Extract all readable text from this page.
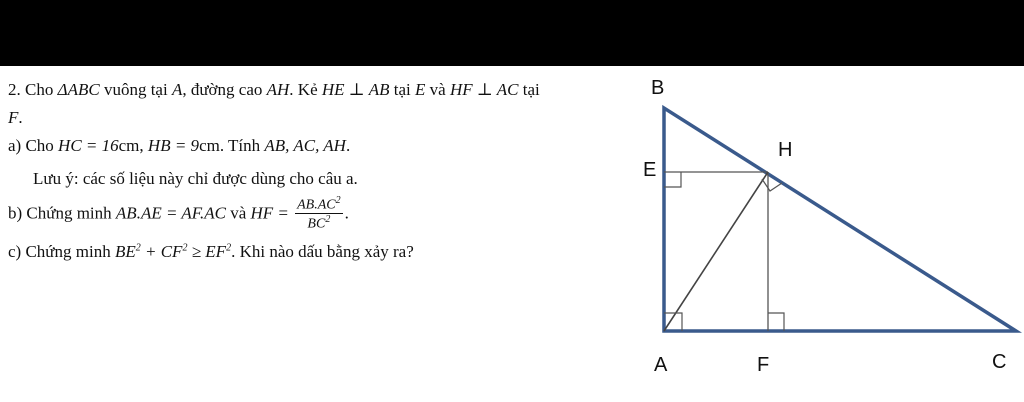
2. Cho ΔABC vuông tại A, đường cao AH. Kẻ HE ⊥ AB tại E và HF ⊥ AC tại
F.
a) Cho HC = 16cm, HB = 9cm. Tính AB, AC, AH.
Lưu ý: các số liệu này chỉ được dùng cho câu a.
b) Chứng minh AB.AE = AF.AC và HF = $\frac{AB.AC^2}{BC^2}$ .
c) Chứng minh $BE^2 + CF^2 \ge EF^2$. Khi nào dấu bằng xảy ra?
B
H
E
A	F	C
